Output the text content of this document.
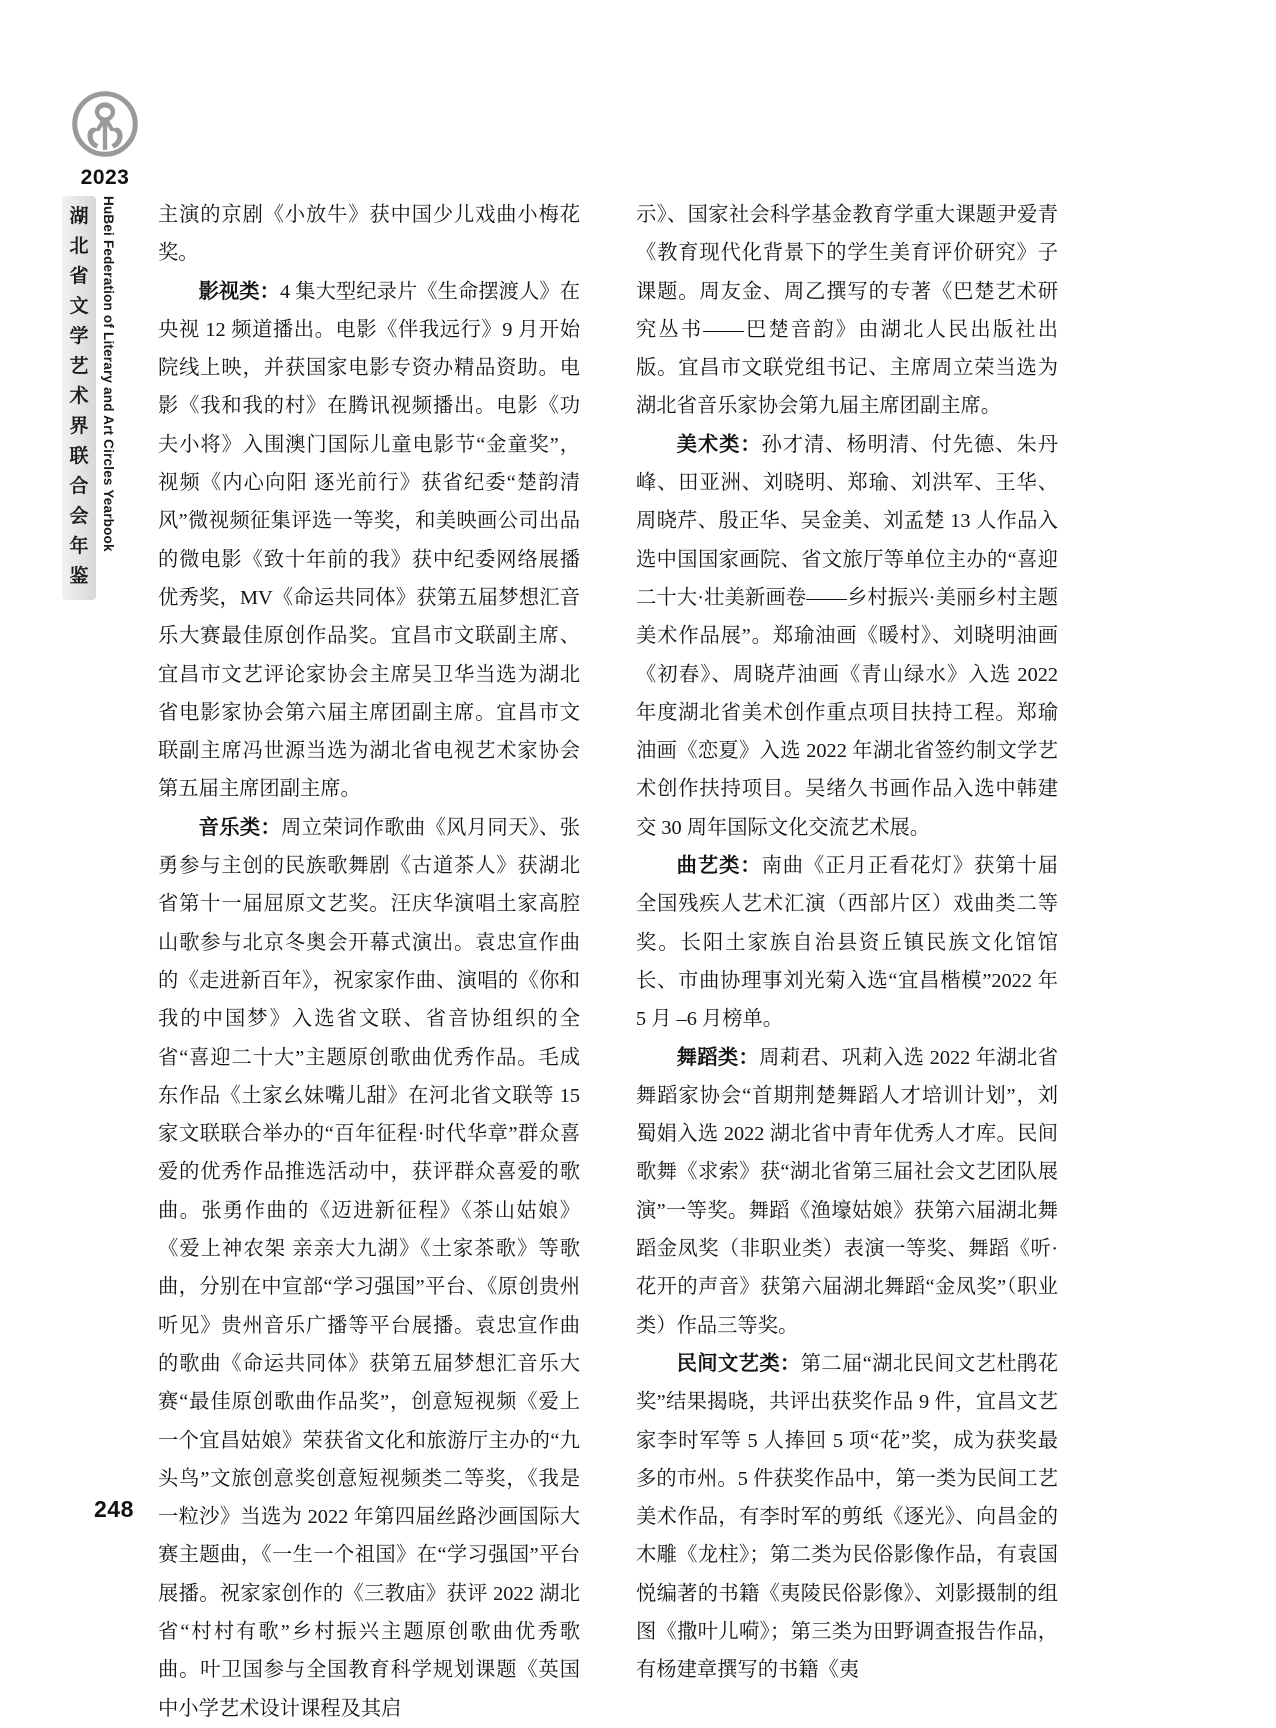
2023
湖
北
省
文
学
艺
术
界
联
合
会
年
鉴
HuBei Federation of Literary and Art Circles Yearbook
248

主演的京剧《小放牛》获中国少儿戏曲小梅花奖。

影视类：4 集大型纪录片《生命摆渡人》在央视 12 频道播出。电影《伴我远行》9 月开始院线上映，并获国家电影专资办精品资助。电影《我和我的村》在腾讯视频播出。电影《功夫小将》入围澳门国际儿童电影节“金童奖”，视频《内心向阳 逐光前行》获省纪委“楚韵清风”微视频征集评选一等奖，和美映画公司出品的微电影《致十年前的我》获中纪委网络展播优秀奖，MV《命运共同体》获第五届梦想汇音乐大赛最佳原创作品奖。宜昌市文联副主席、宜昌市文艺评论家协会主席吴卫华当选为湖北省电影家协会第六届主席团副主席。宜昌市文联副主席冯世源当选为湖北省电视艺术家协会第五届主席团副主席。

音乐类：周立荣词作歌曲《风月同天》、张勇参与主创的民族歌舞剧《古道茶人》获湖北省第十一届屈原文艺奖。汪庆华演唱土家高腔山歌参与北京冬奥会开幕式演出。袁忠宣作曲的《走进新百年》，祝家家作曲、演唱的《你和我的中国梦》入选省文联、省音协组织的全省“喜迎二十大”主题原创歌曲优秀作品。毛成东作品《土家幺妹嘴儿甜》在河北省文联等 15 家文联联合举办的“百年征程·时代华章”群众喜爱的优秀作品推选活动中，获评群众喜爱的歌曲。张勇作曲的《迈进新征程》《茶山姑娘》《爱上神农架 亲亲大九湖》《土家茶歌》等歌曲，分别在中宣部“学习强国”平台、《原创贵州 听见》贵州音乐广播等平台展播。袁忠宣作曲的歌曲《命运共同体》获第五届梦想汇音乐大赛“最佳原创歌曲作品奖”，创意短视频《爱上一个宜昌姑娘》荣获省文化和旅游厅主办的“九头鸟”文旅创意奖创意短视频类二等奖，《我是一粒沙》当选为 2022 年第四届丝路沙画国际大赛主题曲，《一生一个祖国》在“学习强国”平台展播。祝家家创作的《三教庙》获评 2022 湖北省“村村有歌”乡村振兴主题原创歌曲优秀歌曲。叶卫国参与全国教育科学规划课题《英国中小学艺术设计课程及其启

示》、国家社会科学基金教育学重大课题尹爱青《教育现代化背景下的学生美育评价研究》子课题。周友金、周乙撰写的专著《巴楚艺术研究丛书——巴楚音韵》由湖北人民出版社出版。宜昌市文联党组书记、主席周立荣当选为湖北省音乐家协会第九届主席团副主席。

美术类：孙才清、杨明清、付先德、朱丹峰、田亚洲、刘晓明、郑瑜、刘洪军、王华、周晓芹、殷正华、吴金美、刘孟楚 13 人作品入选中国国家画院、省文旅厅等单位主办的“喜迎二十大·壮美新画卷——乡村振兴·美丽乡村主题美术作品展”。郑瑜油画《暖村》、刘晓明油画《初春》、周晓芹油画《青山绿水》入选 2022 年度湖北省美术创作重点项目扶持工程。郑瑜油画《恋夏》入选 2022 年湖北省签约制文学艺术创作扶持项目。吴绪久书画作品入选中韩建交 30 周年国际文化交流艺术展。

曲艺类：南曲《正月正看花灯》获第十届全国残疾人艺术汇演（西部片区）戏曲类二等奖。长阳土家族自治县资丘镇民族文化馆馆长、市曲协理事刘光菊入选“宜昌楷模”2022 年 5 月 –6 月榜单。

舞蹈类：周莉君、巩莉入选 2022 年湖北省舞蹈家协会“首期荆楚舞蹈人才培训计划”，刘蜀娟入选 2022 湖北省中青年优秀人才库。民间歌舞《求索》获“湖北省第三届社会文艺团队展演”一等奖。舞蹈《渔壕姑娘》获第六届湖北舞蹈金凤奖（非职业类）表演一等奖、舞蹈《听·花开的声音》获第六届湖北舞蹈“金凤奖”（职业类）作品三等奖。

民间文艺类：第二届“湖北民间文艺杜鹃花奖”结果揭晓，共评出获奖作品 9 件，宜昌文艺家李时军等 5 人捧回 5 项“花”奖，成为获奖最多的市州。5 件获奖作品中，第一类为民间工艺美术作品，有李时军的剪纸《逐光》、向昌金的木雕《龙柱》；第二类为民俗影像作品，有袁国悦编著的书籍《夷陵民俗影像》、刘影摄制的组图《撒叶儿嗬》；第三类为田野调查报告作品，有杨建章撰写的书籍《夷
